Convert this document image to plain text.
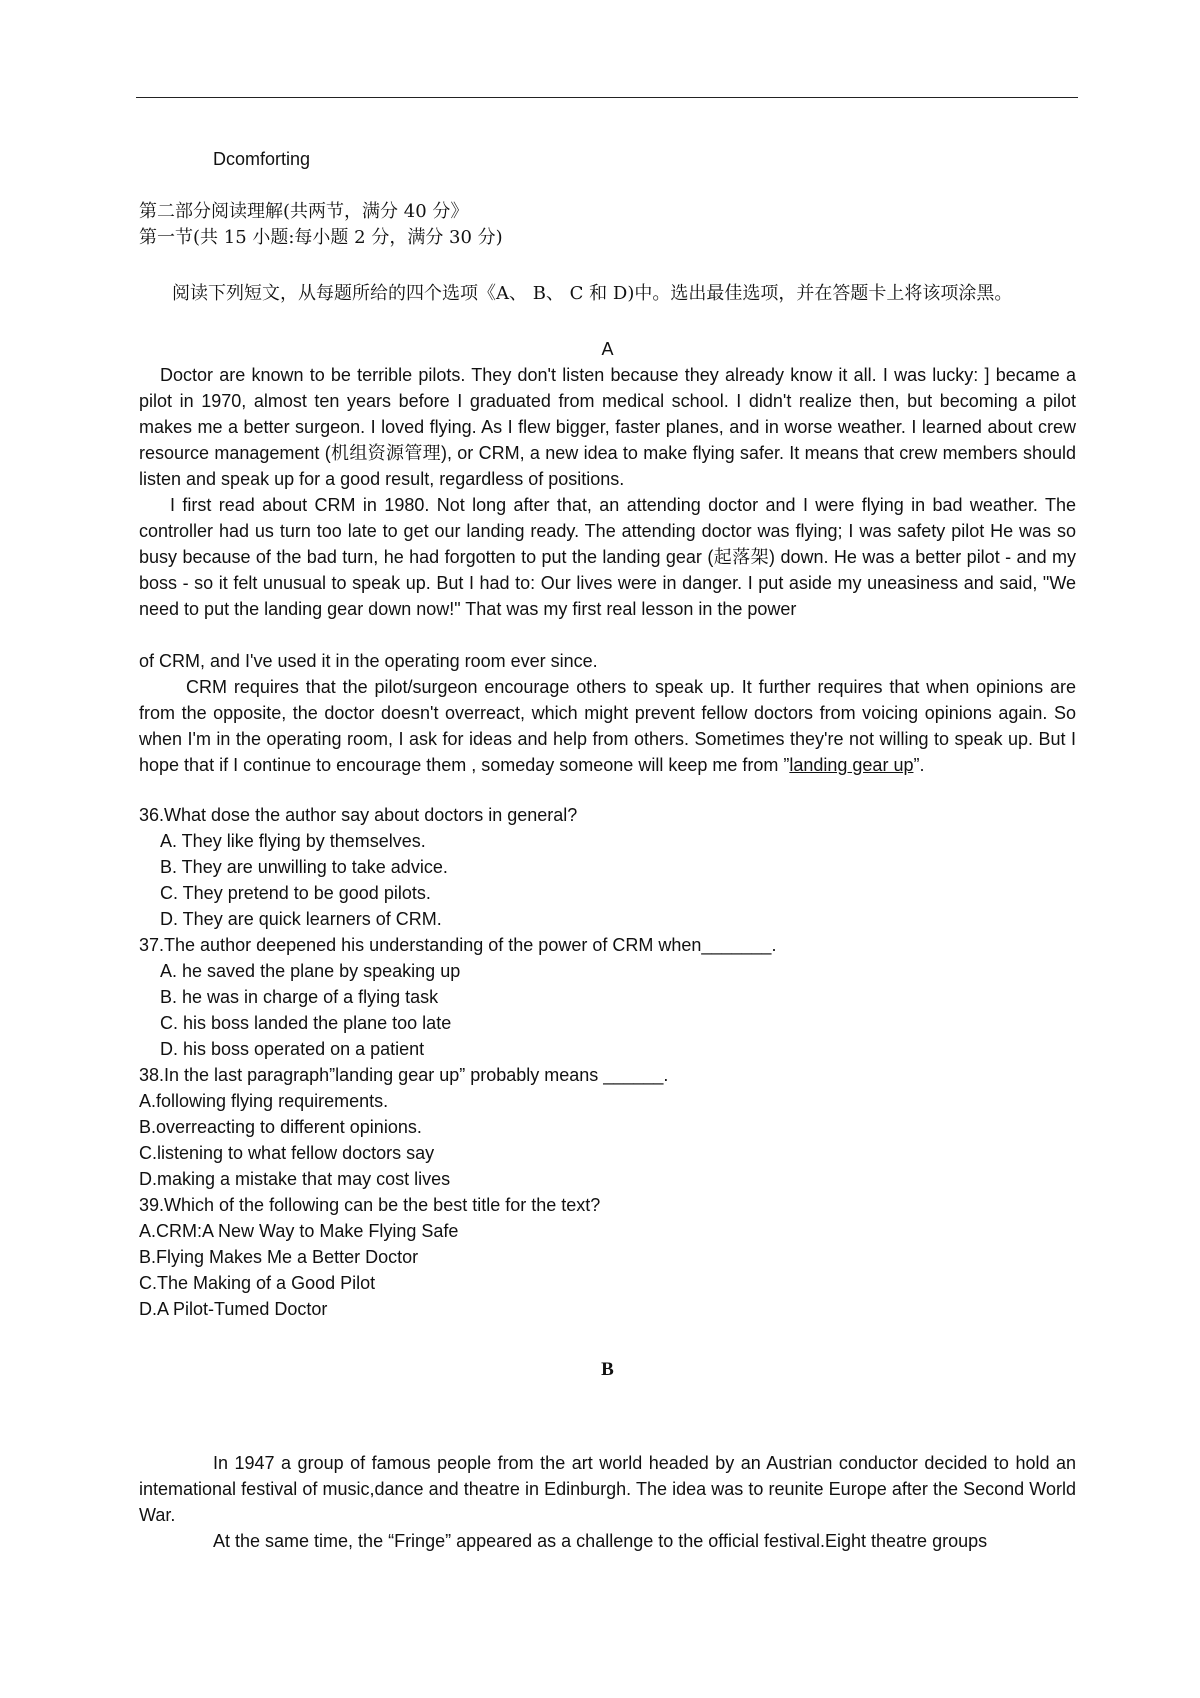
Dcomforting

第二部分阅读理解(共两节，满分 40 分》

第一节(共 15 小题:每小题 2 分，满分 30 分)

阅读下列短文，从每题所给的四个选项《A、 B、 C 和 D)中。选出最佳选项，并在答题卡上将该项涂黑。

A

Doctor are known to be terrible pilots. They don't listen because they already know it all. I was lucky: ] became a pilot in 1970, almost ten years before I graduated from medical school. I didn't realize then, but becoming a pilot makes me a better surgeon. I loved flying. As I flew bigger, faster planes, and in worse weather. I learned about crew resource management (机组资源管理), or CRM, a new idea to make flying safer. It means that crew members should listen and speak up for a good result, regardless of positions.

I first read about CRM in 1980. Not long after that, an attending doctor and I were flying in bad weather. The controller had us turn too late to get our landing ready. The attending doctor was flying; I was safety pilot He was so busy because of the bad turn, he had forgotten to put the landing gear (起落架) down. He was a better pilot - and my boss - so it felt unusual to speak up. But I had to: Our lives were in danger. I put aside my uneasiness and said, "We need to put the landing gear down now!" That was my first real lesson in the power

of CRM, and I've used it in the operating room ever since.

CRM requires that the pilot/surgeon encourage others to speak up. It further requires that when opinions are from the opposite, the doctor doesn't overreact, which might prevent fellow doctors from voicing opinions again. So when I'm in the operating room, I ask for ideas and help from others. Sometimes they're not willing to speak up. But I hope that if I continue to encourage them , someday someone will keep me from ”landing gear up”.

36.What dose the author say about doctors in general?

A. They like flying by themselves.

B. They are unwilling to take advice.

C. They pretend to be good pilots.

D. They are quick learners of CRM.

37.The author deepened his understanding of the power of CRM when_______.

A. he saved the plane by speaking up

B. he was in charge of a flying task

C. his boss landed the plane too late

D. his boss operated on a patient

38.In the last paragraph”landing gear up” probably means ______.

A.following flying requirements.

B.overreacting to different opinions.

C.listening to what fellow doctors say

D.making a mistake that may cost lives

39.Which of the following can be the best title for the text?

A.CRM:A New Way to Make Flying Safe

B.Flying Makes Me a Better Doctor

C.The Making of a Good Pilot

D.A Pilot-Tumed Doctor

B

In 1947 a group of famous people from the art world headed by an Austrian conductor decided to hold an intemational festival of music,dance and theatre in Edinburgh. The idea was to reunite Europe after the Second World War.

At the same time, the “Fringe” appeared as a challenge to the official festival.Eight theatre groups
